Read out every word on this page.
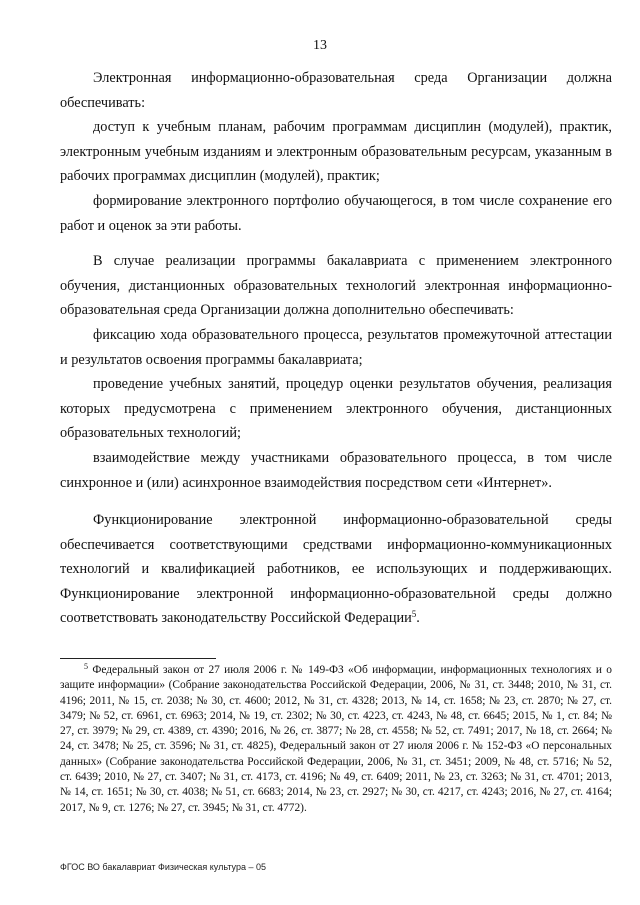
13

Электронная информационно-образовательная среда Организации должна обеспечивать:

доступ к учебным планам, рабочим программам дисциплин (модулей), практик, электронным учебным изданиям и электронным образовательным ресурсам, указанным в рабочих программах дисциплин (модулей), практик;

формирование электронного портфолио обучающегося, в том числе сохранение его работ и оценок за эти работы.

В случае реализации программы бакалавриата с применением электронного обучения, дистанционных образовательных технологий электронная информационно-образовательная среда Организации должна дополнительно обеспечивать:

фиксацию хода образовательного процесса, результатов промежуточной аттестации и результатов освоения программы бакалавриата;

проведение учебных занятий, процедур оценки результатов обучения, реализация которых предусмотрена с применением электронного обучения, дистанционных образовательных технологий;

взаимодействие между участниками образовательного процесса, в том числе синхронное и (или) асинхронное взаимодействия посредством сети «Интернет».

Функционирование электронной информационно-образовательной среды обеспечивается соответствующими средствами информационно-коммуникационных технологий и квалификацией работников, ее использующих и поддерживающих. Функционирование электронной информационно-образовательной среды должно соответствовать законодательству Российской Федерации$^5$.

$^5$ Федеральный закон от 27 июля 2006 г. № 149-ФЗ «Об информации, информационных технологиях и о защите информации» (Собрание законодательства Российской Федерации, 2006, № 31, ст. 3448; 2010, № 31, ст. 4196; 2011, № 15, ст. 2038; № 30, ст. 4600; 2012, № 31, ст. 4328; 2013, № 14, ст. 1658; № 23, ст. 2870; № 27, ст. 3479; № 52, ст. 6961, ст. 6963; 2014, № 19, ст. 2302; № 30, ст. 4223, ст. 4243, № 48, ст. 6645; 2015, № 1, ст. 84; № 27, ст. 3979; № 29, ст. 4389, ст. 4390; 2016, № 26, ст. 3877; № 28, ст. 4558; № 52, ст. 7491; 2017, № 18, ст. 2664; № 24, ст. 3478; № 25, ст. 3596; № 31, ст. 4825), Федеральный закон от 27 июля 2006 г. № 152-ФЗ «О персональных данных» (Собрание законодательства Российской Федерации, 2006, № 31, ст. 3451; 2009, № 48, ст. 5716; № 52, ст. 6439; 2010, № 27, ст. 3407; № 31, ст. 4173, ст. 4196; № 49, ст. 6409; 2011, № 23, ст. 3263; № 31, ст. 4701; 2013, № 14, ст. 1651; № 30, ст. 4038; № 51, ст. 6683; 2014, № 23, ст. 2927; № 30, ст. 4217, ст. 4243; 2016, № 27, ст. 4164; 2017, № 9, ст. 1276; № 27, ст. 3945; № 31, ст. 4772).
ФГОС ВО бакалавриат Физическая культура – 05
